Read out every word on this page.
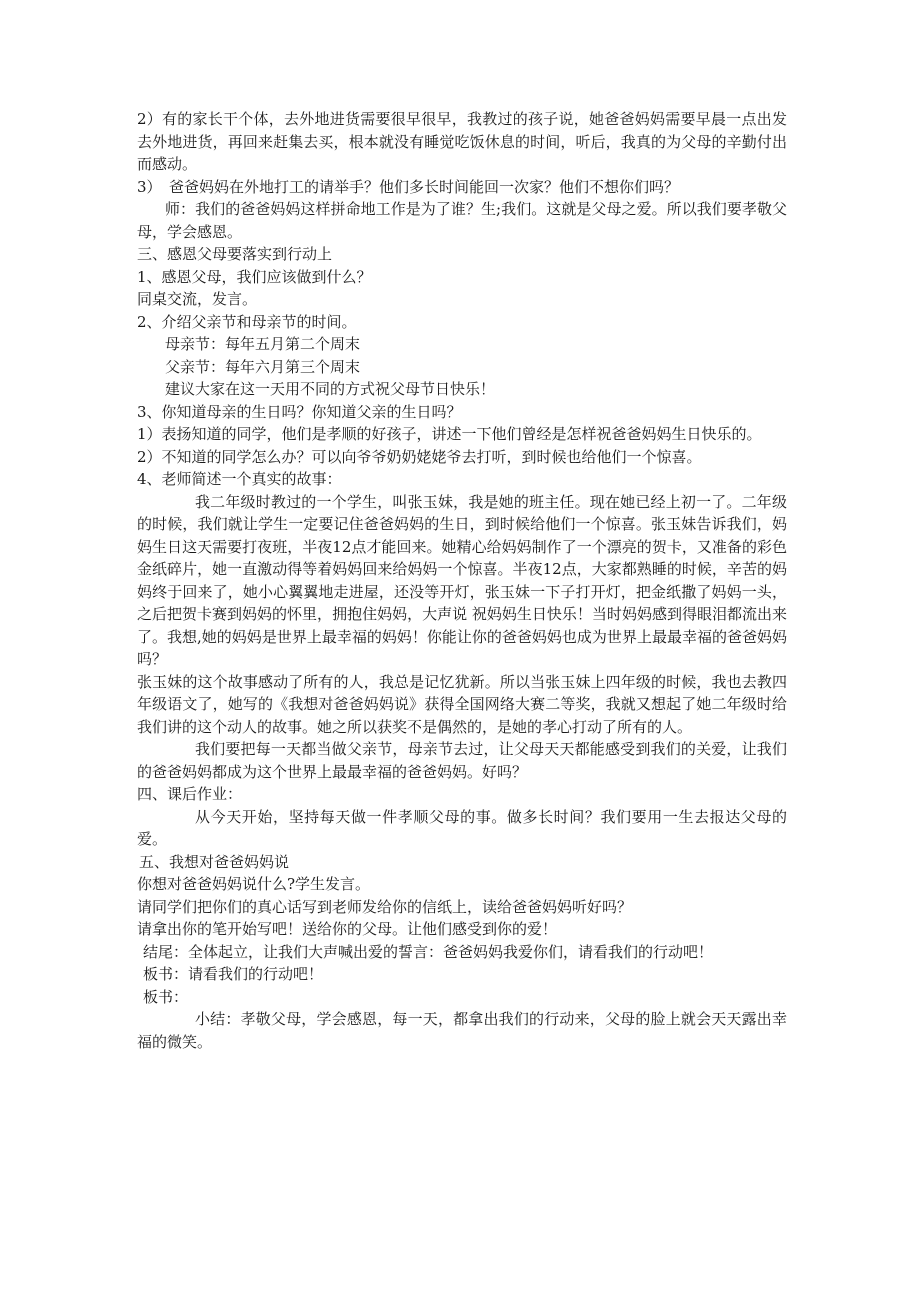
2）有的家长干个体，去外地进货需要很早很早，我教过的孩子说，她爸爸妈妈需要早晨一点出发去外地进货，再回来赶集去买，根本就没有睡觉吃饭休息的时间，听后，我真的为父母的辛勤付出而感动。

3）　爸爸妈妈在外地打工的请举手？他们多长时间能回一次家？他们不想你们吗？

师：我们的爸爸妈妈这样拼命地工作是为了谁？生;我们。这就是父母之爱。所以我们要孝敬父母，学会感恩。

三、感恩父母要落实到行动上

1、感恩父母，我们应该做到什么？

同桌交流，发言。

2、介绍父亲节和母亲节的时间。

母亲节：每年五月第二个周末

父亲节：每年六月第三个周末

建议大家在这一天用不同的方式祝父母节日快乐！

3、你知道母亲的生日吗？你知道父亲的生日吗？

1）表扬知道的同学，他们是孝顺的好孩子，讲述一下他们曾经是怎样祝爸爸妈妈生日快乐的。

2）不知道的同学怎么办？可以向爷爷奶奶姥姥爷去打听，到时候也给他们一个惊喜。

4、老师简述一个真实的故事：

我二年级时教过的一个学生，叫张玉妹，我是她的班主任。现在她已经上初一了。二年级的时候，我们就让学生一定要记住爸爸妈妈的生日，到时候给他们一个惊喜。张玉妹告诉我们，妈妈生日这天需要打夜班，半夜12点才能回来。她精心给妈妈制作了一个漂亮的贺卡，又准备的彩色金纸碎片，她一直激动得等着妈妈回来给妈妈一个惊喜。半夜12点，大家都熟睡的时候，辛苦的妈妈终于回来了，她小心翼翼地走进屋，还没等开灯，张玉妹一下子打开灯，把金纸撒了妈妈一头，之后把贺卡赛到妈妈的怀里，拥抱住妈妈，大声说 祝妈妈生日快乐！当时妈妈感到得眼泪都流出来了。我想,她的妈妈是世界上最幸福的妈妈！你能让你的爸爸妈妈也成为世界上最最幸福的爸爸妈妈吗？

张玉妹的这个故事感动了所有的人，我总是记忆犹新。所以当张玉妹上四年级的时候，我也去教四年级语文了，她写的《我想对爸爸妈妈说》获得全国网络大赛二等奖，我就又想起了她二年级时给我们讲的这个动人的故事。她之所以获奖不是偶然的，是她的孝心打动了所有的人。

我们要把每一天都当做父亲节，母亲节去过，让父母天天都能感受到我们的关爱，让我们的爸爸妈妈都成为这个世界上最最幸福的爸爸妈妈。好吗？

四、课后作业：

从今天开始，坚持每天做一件孝顺父母的事。做多长时间？我们要用一生去报达父母的爱。

五、我想对爸爸妈妈说

你想对爸爸妈妈说什么?学生发言。

请同学们把你们的真心话写到老师发给你的信纸上，读给爸爸妈妈听好吗？

请拿出你的笔开始写吧！送给你的父母。让他们感受到你的爱！

结尾：全体起立，让我们大声喊出爱的誓言：爸爸妈妈我爱你们，请看我们的行动吧！

板书：请看我们的行动吧！

板书：

小结：孝敬父母，学会感恩，每一天，都拿出我们的行动来，父母的脸上就会天天露出幸福的微笑。
